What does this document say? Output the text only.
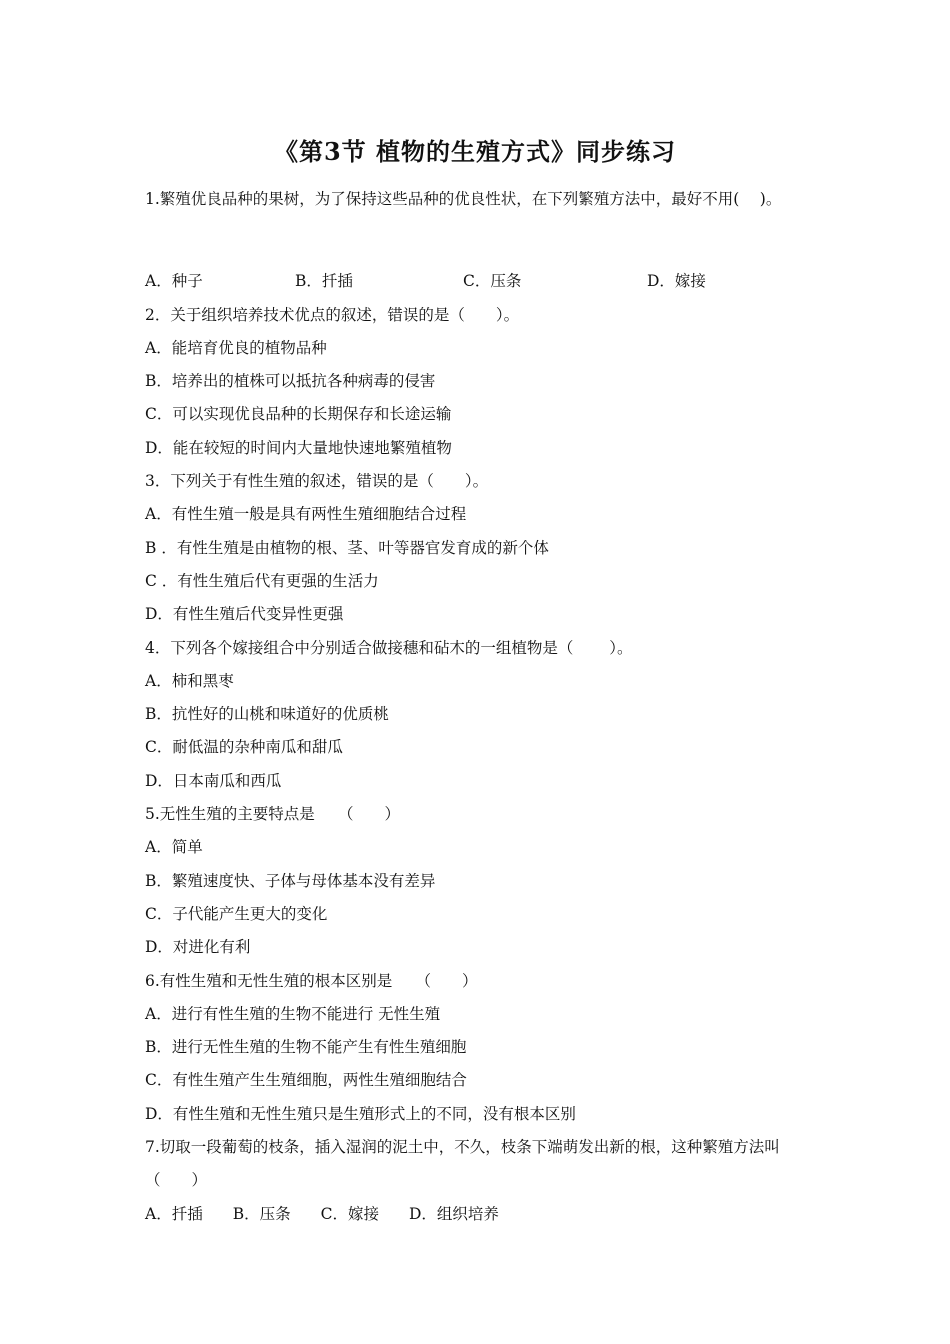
《第3节 植物的生殖方式》同步练习
1.繁殖优良品种的果树，为了保持这些品种的优良性状，在下列繁殖方法中，最好不用(　 )。
A．种子	B．扦插	C．压条	D．嫁接
2．关于组织培养技术优点的叙述，错误的是（　　）。
A．能培育优良的植物品种
B．培养出的植株可以抵抗各种病毒的侵害
C．可以实现优良品种的长期保存和长途运输
D．能在较短的时间内大量地快速地繁殖植物
3．下列关于有性生殖的叙述，错误的是（　　）。
A．有性生殖一般是具有两性生殖细胞结合过程
B ．有性生殖是由植物的根、茎、叶等器官发育成的新个体
C ．有性生殖后代有更强的生活力
D．有性生殖后代变异性更强
4．下列各个嫁接组合中分别适合做接穗和砧木的一组植物是（　　 ）。
A．柿和黑枣
B．抗性好的山桃和味道好的优质桃
C．耐低温的杂种南瓜和甜瓜
D．日本南瓜和西瓜
5.无性生殖的主要特点是　　（　　）
A．简单
B．繁殖速度快、子体与母体基本没有差异
C．子代能产生更大的变化
D．对进化有利
6.有性生殖和无性生殖的根本区别是　　（　　）
A．进行有性生殖的生物不能进行 无性生殖
B．进行无性生殖的生物不能产生有性生殖细胞
C．有性生殖产生生殖细胞，两性生殖细胞结合
D．有性生殖和无性生殖只是生殖形式上的不同，没有根本区别
7.切取一段葡萄的枝条，插入湿润的泥土中，不久，枝条下端萌发出新的根，这种繁殖方法叫
（　　）
A．扦插 B．压条 C．嫁接 D．组织培养
